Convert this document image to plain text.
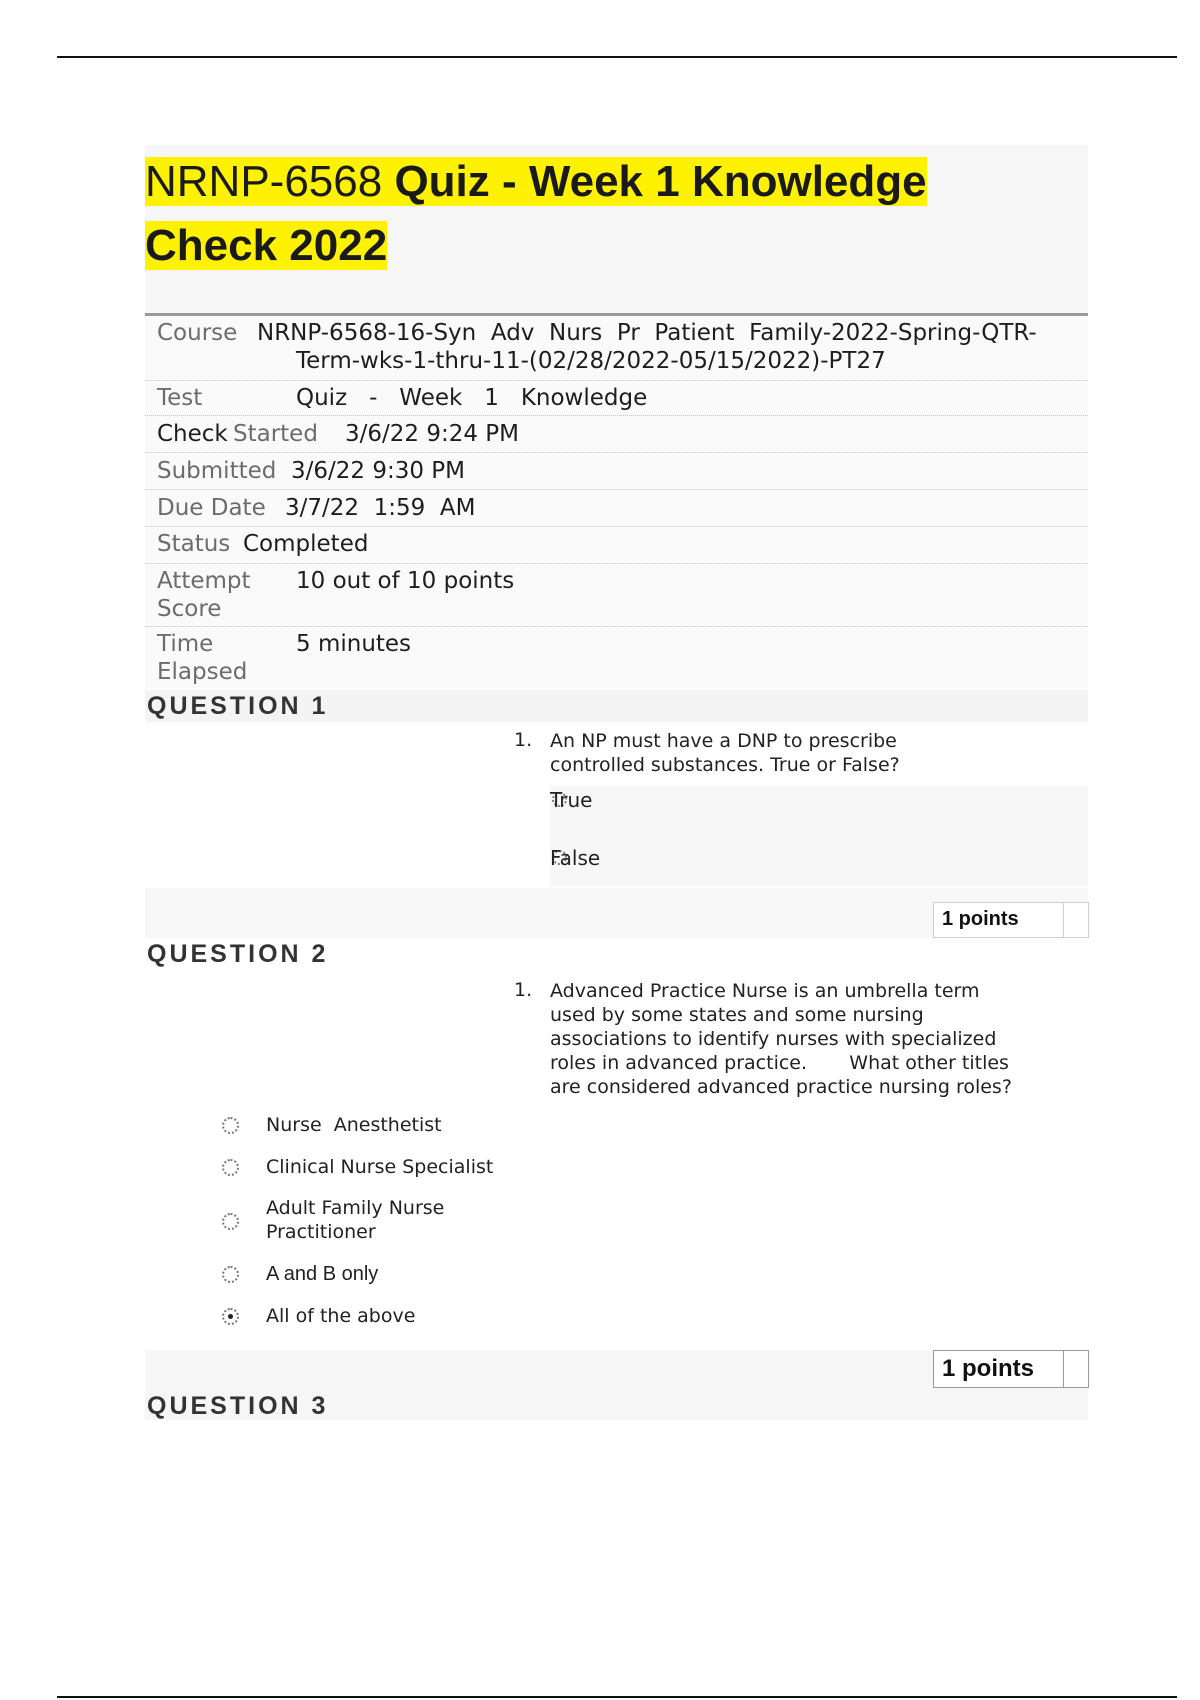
NRNP-6568 Quiz - Week 1 Knowledge
Check 2022
Course NRNP-6568-16-Syn  Adv  Nurs  Pr  Patient  Family-2022-Spring-QTR-
Term-wks-1-thru-11-(02/28/2022-05/15/2022)-PT27
Test	Quiz   -   Week   1   Knowledge
Check Started 3/6/22 9:24 PM
Submitted 3/6/22 9:30 PM
Due Date 3/7/22  1:59  AM
Status Completed
Attempt
Score
10 out of 10 points
Time
Elapsed
5 minutes
QUESTION 1
1. An NP must have a DNP to prescribe
controlled substances. True or False?
True
False
1 points
QUESTION 2
1. Advanced Practice Nurse is an umbrella term
used by some states and some nursing
associations to identify nurses with specialized
roles in advanced practice.       What other titles
are considered advanced practice nursing roles?
Nurse  Anesthetist
Clinical Nurse Specialist
Adult Family Nurse
Practitioner
A and B only
All of the above
1 points
QUESTION 3
